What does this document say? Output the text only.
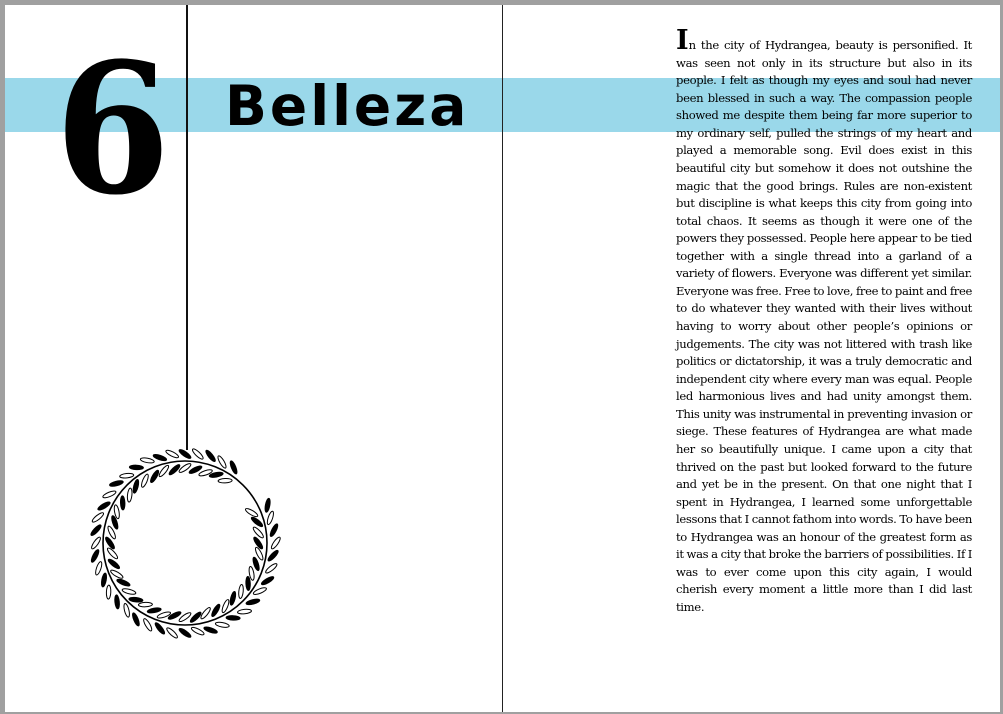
6 Belleza

In the city of Hydrangea, beauty is personified. It was seen not only in its structure but also in its people. I felt as though my eyes and soul had never been blessed in such a way. The compassion people showed me despite them being far more superior to my ordinary self, pulled the strings of my heart and played a memorable song. Evil does exist in this beautiful city but somehow it does not outshine the magic that the good brings. Rules are non-existent but discipline is what keeps this city from going into total chaos. It seems as though it were one of the powers they possessed. People here appear to be tied together with a single thread into a garland of a variety of flowers. Everyone was different yet similar. Everyone was free. Free to love, free to paint and free to do whatever they wanted with their lives without having to worry about other people’s opinions or judgements. The city was not littered with trash like politics or dictatorship, it was a truly democratic and independent city where every man was equal. People led harmonious lives and had unity amongst them. This unity was instrumental in preventing invasion or siege. These features of Hydrangea are what made her so beautifully unique. I came upon a city that thrived on the past but looked forward to the future and yet be in the present. On that one night that I spent in Hydrangea, I learned some unforgettable lessons that I cannot fathom into words. To have been to Hydrangea was an honour of the greatest form as it was a city that broke the barriers of possibilities. If I was to ever come upon this city again, I would cherish every moment a little more than I did last time.
